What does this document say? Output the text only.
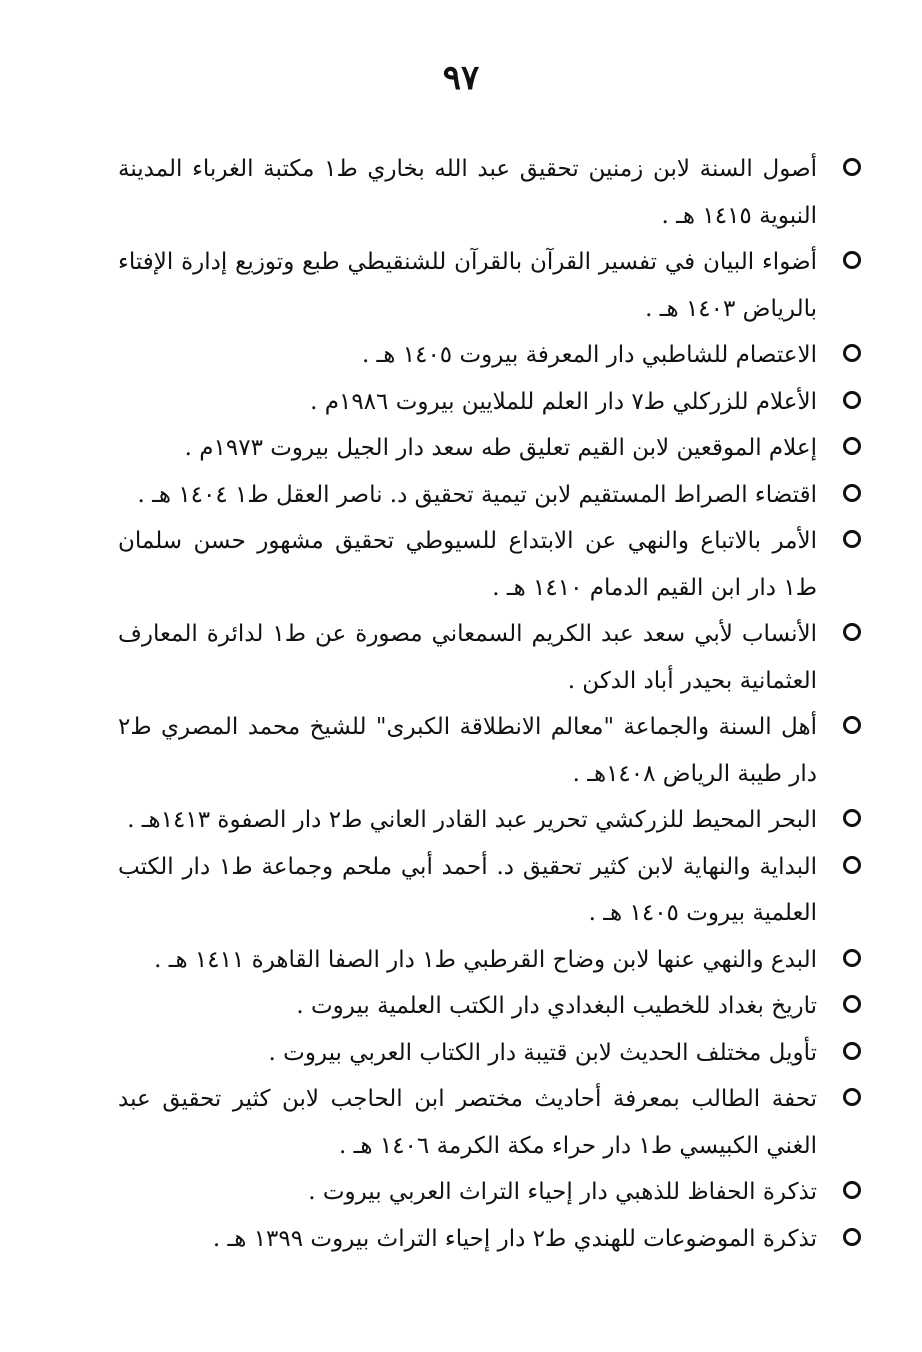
٩٧
أصول السنة لابن زمنين تحقيق عبد الله بخاري ط١ مكتبة الغرباء المدينة النبوية ١٤١٥ هـ .
أضواء البيان في تفسير القرآن بالقرآن للشنقيطي طبع وتوزيع إدارة الإفتاء بالرياض ١٤٠٣ هـ .
الاعتصام للشاطبي دار المعرفة بيروت ١٤٠٥ هـ .
الأعلام للزركلي ط٧ دار العلم للملايين بيروت ١٩٨٦م .
إعلام الموقعين لابن القيم تعليق طه سعد دار الجيل بيروت ١٩٧٣م .
اقتضاء الصراط المستقيم لابن تيمية تحقيق د. ناصر العقل ط١ ١٤٠٤ هـ .
الأمر بالاتباع والنهي عن الابتداع للسيوطي تحقيق مشهور حسن سلمان ط١ دار ابن القيم الدمام ١٤١٠ هـ .
الأنساب لأبي سعد عبد الكريم السمعاني مصورة عن ط١ لدائرة المعارف العثمانية بحيدر أباد الدكن .
أهل السنة والجماعة "معالم الانطلاقة الكبرى" للشيخ محمد المصري ط٢ دار طيبة الرياض ١٤٠٨هـ .
البحر المحيط للزركشي تحرير عبد القادر العاني ط٢ دار الصفوة ١٤١٣هـ .
البداية والنهاية لابن كثير تحقيق د. أحمد أبي ملحم وجماعة ط١ دار الكتب العلمية بيروت ١٤٠٥ هـ .
البدع والنهي عنها لابن وضاح القرطبي ط١ دار الصفا القاهرة ١٤١١ هـ .
تاريخ بغداد للخطيب البغدادي دار الكتب العلمية بيروت .
تأويل مختلف الحديث لابن قتيبة دار الكتاب العربي بيروت .
تحفة الطالب بمعرفة أحاديث مختصر ابن الحاجب لابن كثير تحقيق عبد الغني الكبيسي ط١ دار حراء مكة الكرمة ١٤٠٦ هـ .
تذكرة الحفاظ للذهبي دار إحياء التراث العربي بيروت .
تذكرة الموضوعات للهندي ط٢ دار إحياء التراث بيروت ١٣٩٩ هـ .
